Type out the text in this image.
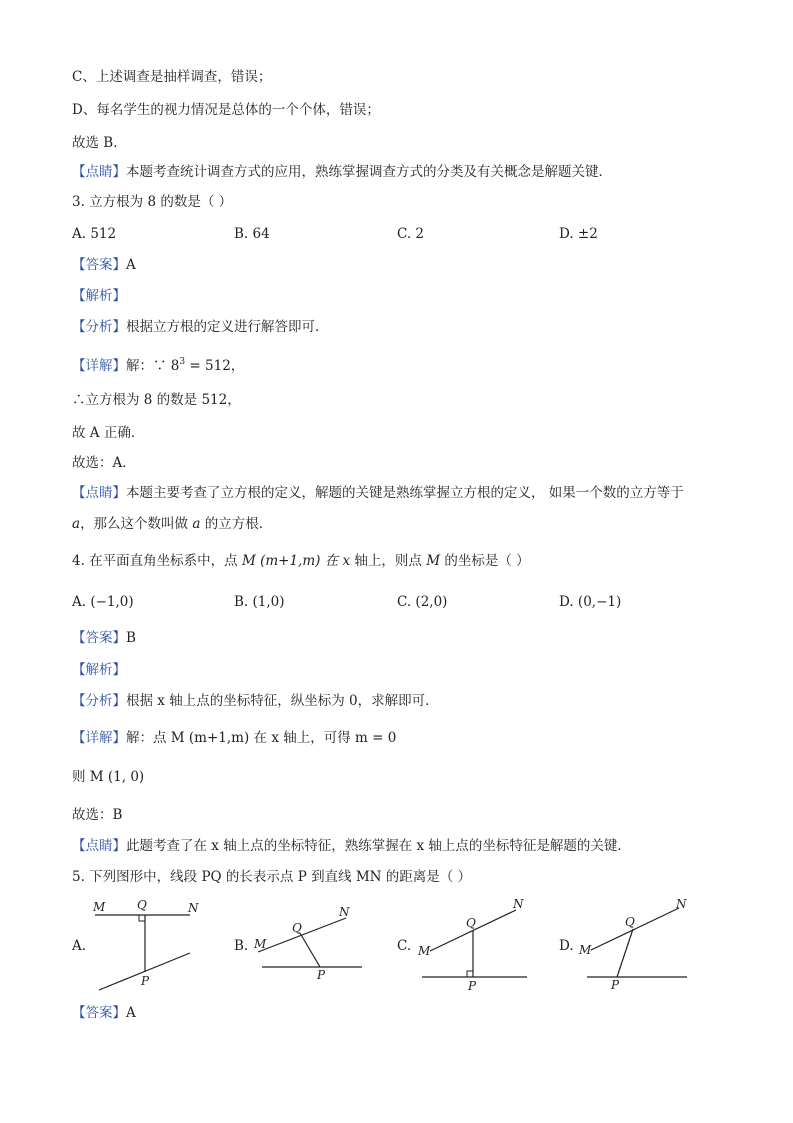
C、上述调查是抽样调查，错误；
D、每名学生的视力情况是总体的一个个体，错误；
故选 B．
【点睛】本题考查统计调查方式的应用，熟练掌握调查方式的分类及有关概念是解题关键．
3. 立方根为 8 的数是（ ）
A. 512	B. 64	C. 2	D. ±2
【答案】A
【解析】
【分析】根据立方根的定义进行解答即可．
【详解】解：∵ $8^3 = 512$，
∴立方根为 8 的数是 512，
故 A 正确．
故选：A．
【点睛】本题主要考查了立方根的定义，解题的关键是熟练掌握立方根的定义， 如果一个数的立方等于
a，那么这个数叫做 a 的立方根．
4. 在平面直角坐标系中，点 M (m+1,m) 在 x 轴上，则点 M 的坐标是（ ）
A. (−1,0)	B. (1,0)	C. (2,0)	D. (0,−1)
【答案】B
【解析】
【分析】根据 x 轴上点的坐标特征，纵坐标为 0，求解即可．
【详解】解：点 M (m+1,m) 在 x 轴上，可得 m = 0
则 M (1, 0)
故选：B
【点睛】此题考查了在 x 轴上点的坐标特征，熟练掌握在 x 轴上点的坐标特征是解题的关键．
5. 下列图形中，线段 PQ 的长表示点 P 到直线 MN 的距离是（ ）
A.	B.	C.	D.
M	Q	N
P
M
Q
N
P
M
Q
N
P
M
Q
N
P
【答案】A
